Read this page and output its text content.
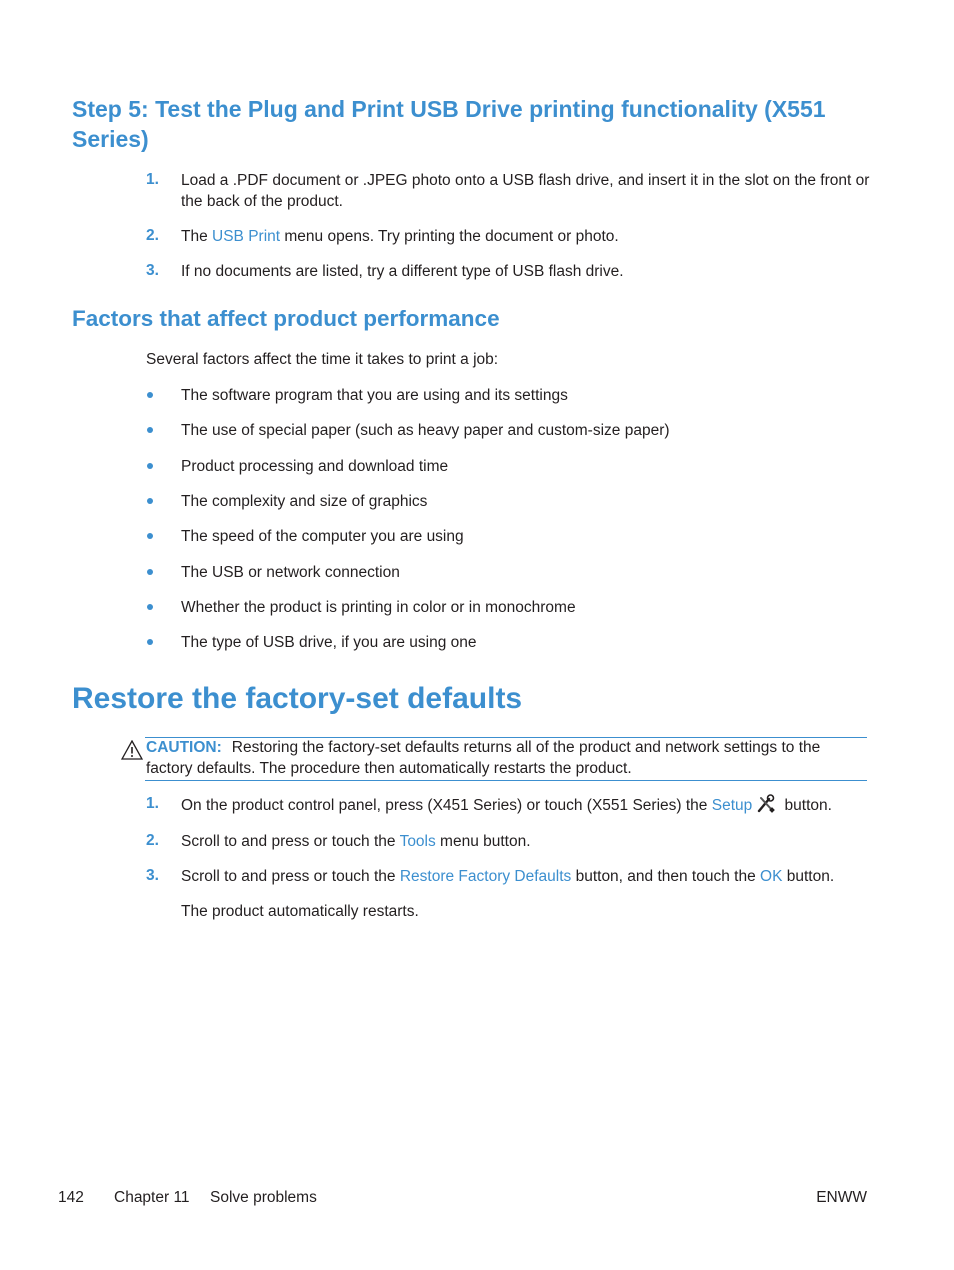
Step 5: Test the Plug and Print USB Drive printing functionality (X551 Series)
1.	Load a .PDF document or .JPEG photo onto a USB flash drive, and insert it in the slot on the front or the back of the product.
2.	The USB Print menu opens. Try printing the document or photo.
3.	If no documents are listed, try a different type of USB flash drive.
Factors that affect product performance
Several factors affect the time it takes to print a job:
The software program that you are using and its settings
The use of special paper (such as heavy paper and custom-size paper)
Product processing and download time
The complexity and size of graphics
The speed of the computer you are using
The USB or network connection
Whether the product is printing in color or in monochrome
The type of USB drive, if you are using one
Restore the factory-set defaults
CAUTION: Restoring the factory-set defaults returns all of the product and network settings to the factory defaults. The procedure then automatically restarts the product.
1.	On the product control panel, press (X451 Series) or touch (X551 Series) the Setup button.
2.	Scroll to and press or touch the Tools menu button.
3.	Scroll to and press or touch the Restore Factory Defaults button, and then touch the OK button.
The product automatically restarts.
142 Chapter 11 Solve problems	ENWW
